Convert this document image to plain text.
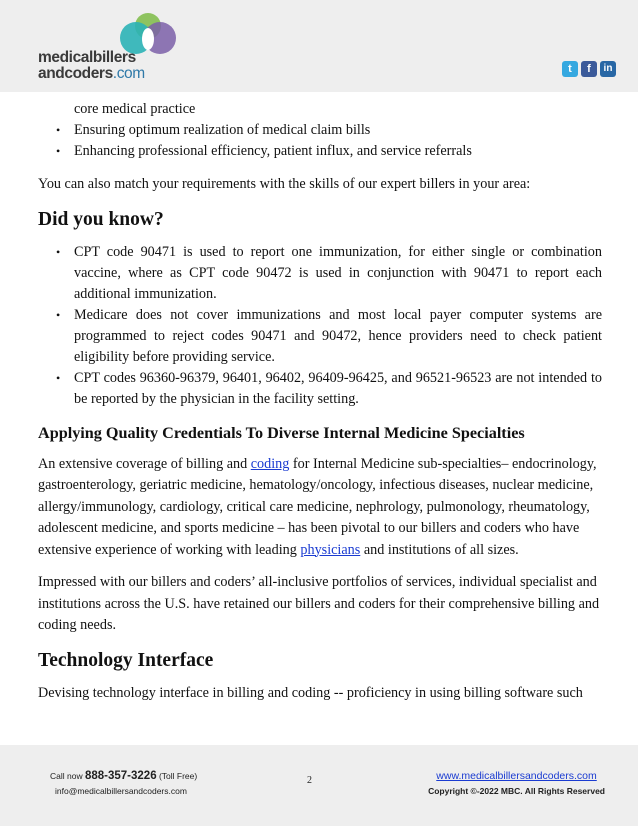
medicalbillers
andcoders.com	t	f	in
core medical practice
• Ensuring optimum realization of medical claim bills
• Enhancing professional efficiency, patient influx, and service referrals

You can also match your requirements with the skills of our expert billers in your area:

Did you know?
• CPT code 90471 is used to report one immunization, for either single or combination vaccine, where as CPT code 90472 is used in conjunction with 90471 to report each additional immunization.
• Medicare does not cover immunizations and most local payer computer systems are programmed to reject codes 90471 and 90472, hence providers need to check patient eligibility before providing service.
• CPT codes 96360-96379, 96401, 96402, 96409-96425, and 96521-96523 are not intended to be reported by the physician in the facility setting.
Applying Quality Credentials To Diverse Internal Medicine Specialties

An extensive coverage of billing and coding for Internal Medicine sub-specialties– endocrinology, gastroenterology, geriatric medicine, hematology/oncology, infectious diseases, nuclear medicine, allergy/immunology, cardiology, critical care medicine, nephrology, pulmonology, rheumatology, adolescent medicine, and sports medicine – has been pivotal to our billers and coders who have extensive experience of working with leading physicians and institutions of all sizes.

Impressed with our billers and coders’ all-inclusive portfolios of services, individual specialist and institutions across the U.S. have retained our billers and coders for their comprehensive billing and coding needs.

Technology Interface

Devising technology interface in billing and coding -- proficiency in using billing software such

Call now 888-357-3226 (Toll Free)
info@medicalbillersandcoders.com
2	www.medicalbillersandcoders.com
Copyright ©-2022 MBC. All Rights Reserved
